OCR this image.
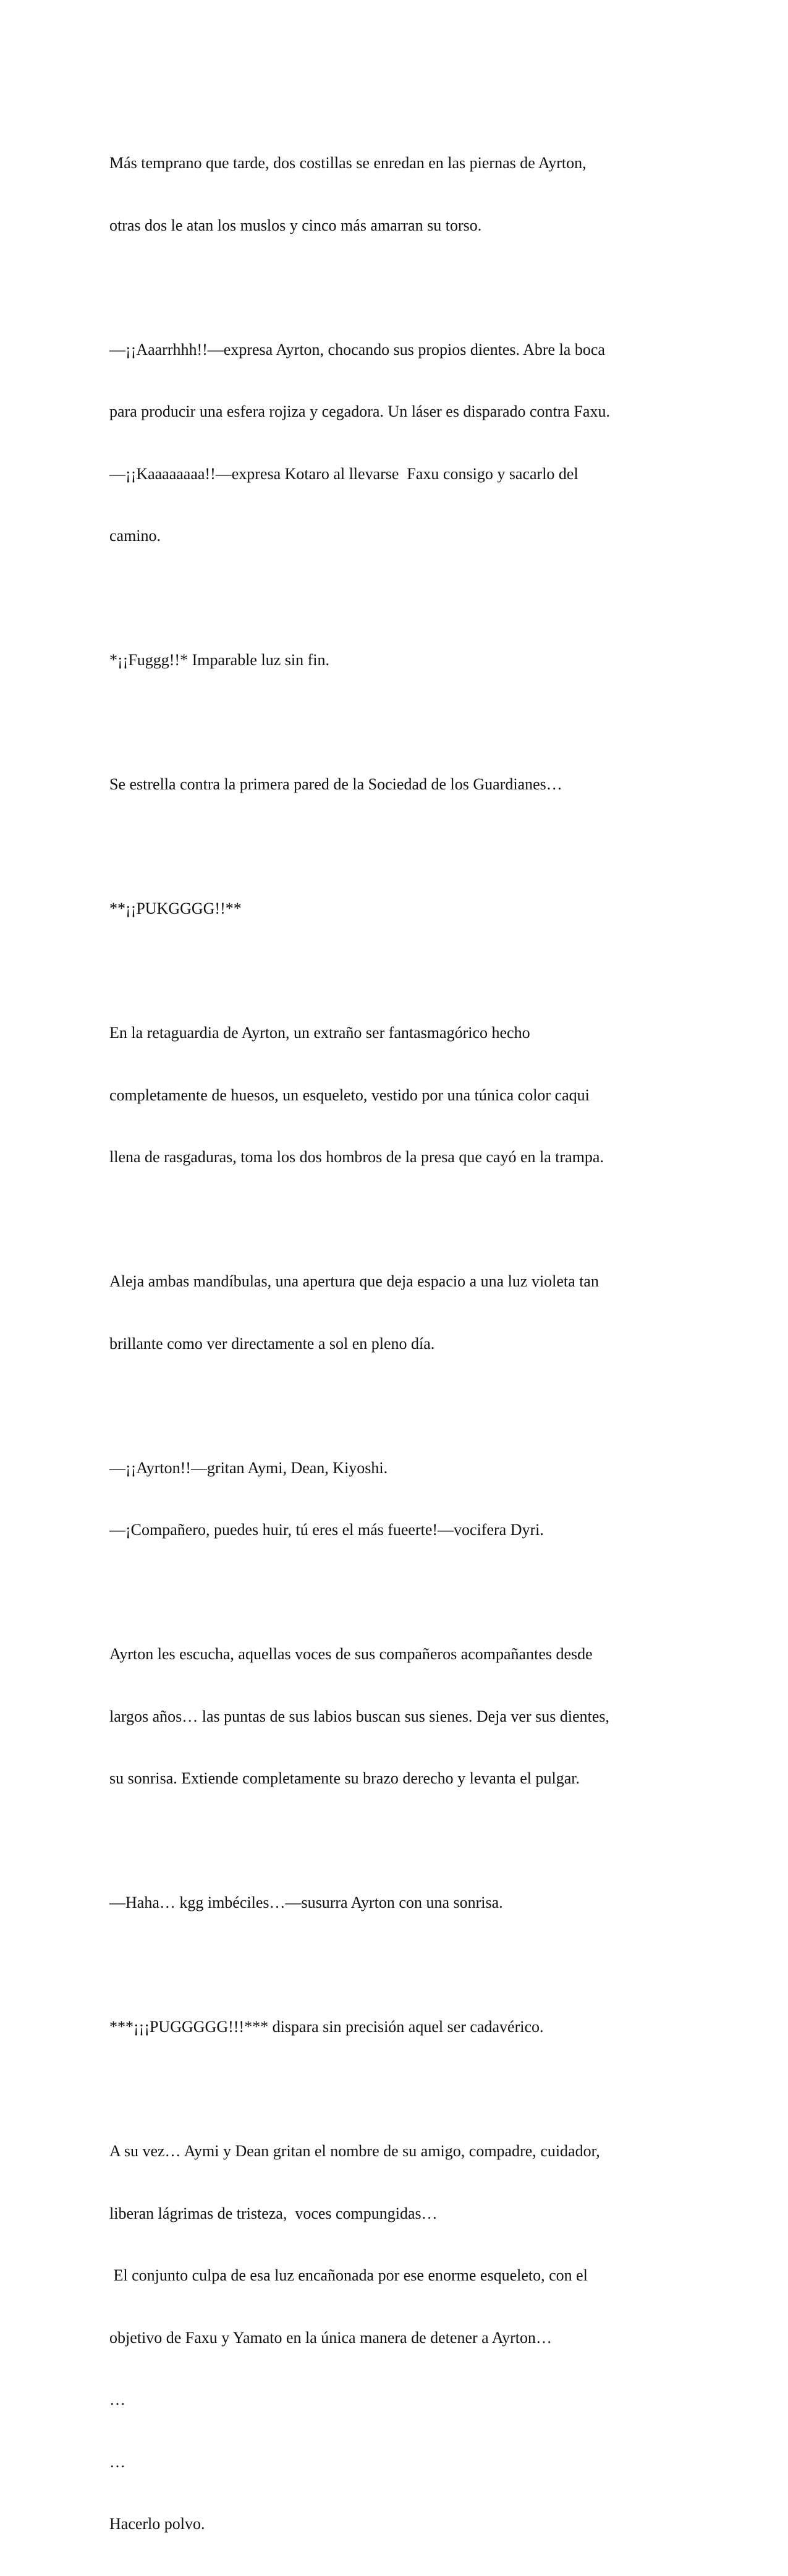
Más temprano que tarde, dos costillas se enredan en las piernas de Ayrton,

otras dos le atan los muslos y cinco más amarran su torso.

—¡¡Aaarrhhh!!—expresa Ayrton, chocando sus propios dientes. Abre la boca

para producir una esfera rojiza y cegadora. Un láser es disparado contra Faxu.

—¡¡Kaaaaaaaa!!—expresa Kotaro al llevarse  Faxu consigo y sacarlo del

camino.

*¡¡Fuggg!!* Imparable luz sin fin.

Se estrella contra la primera pared de la Sociedad de los Guardianes…

**¡¡PUKGGGG!!**

En la retaguardia de Ayrton, un extraño ser fantasmagórico hecho

completamente de huesos, un esqueleto, vestido por una túnica color caqui

llena de rasgaduras, toma los dos hombros de la presa que cayó en la trampa.

Aleja ambas mandíbulas, una apertura que deja espacio a una luz violeta tan

brillante como ver directamente a sol en pleno día.

—¡¡Ayrton!!—gritan Aymi, Dean, Kiyoshi.

—¡Compañero, puedes huir, tú eres el más fueerte!—vocifera Dyri.

Ayrton les escucha, aquellas voces de sus compañeros acompañantes desde

largos años… las puntas de sus labios buscan sus sienes. Deja ver sus dientes,

su sonrisa. Extiende completamente su brazo derecho y levanta el pulgar.

—Haha… kgg imbéciles…—susurra Ayrton con una sonrisa.

***¡¡¡PUGGGGG!!!*** dispara sin precisión aquel ser cadavérico.

A su vez… Aymi y Dean gritan el nombre de su amigo, compadre, cuidador,

liberan lágrimas de tristeza,  voces compungidas…

El conjunto culpa de esa luz encañonada por ese enorme esqueleto, con el

objetivo de Faxu y Yamato en la única manera de detener a Ayrton…

…

…

Hacerlo polvo.
